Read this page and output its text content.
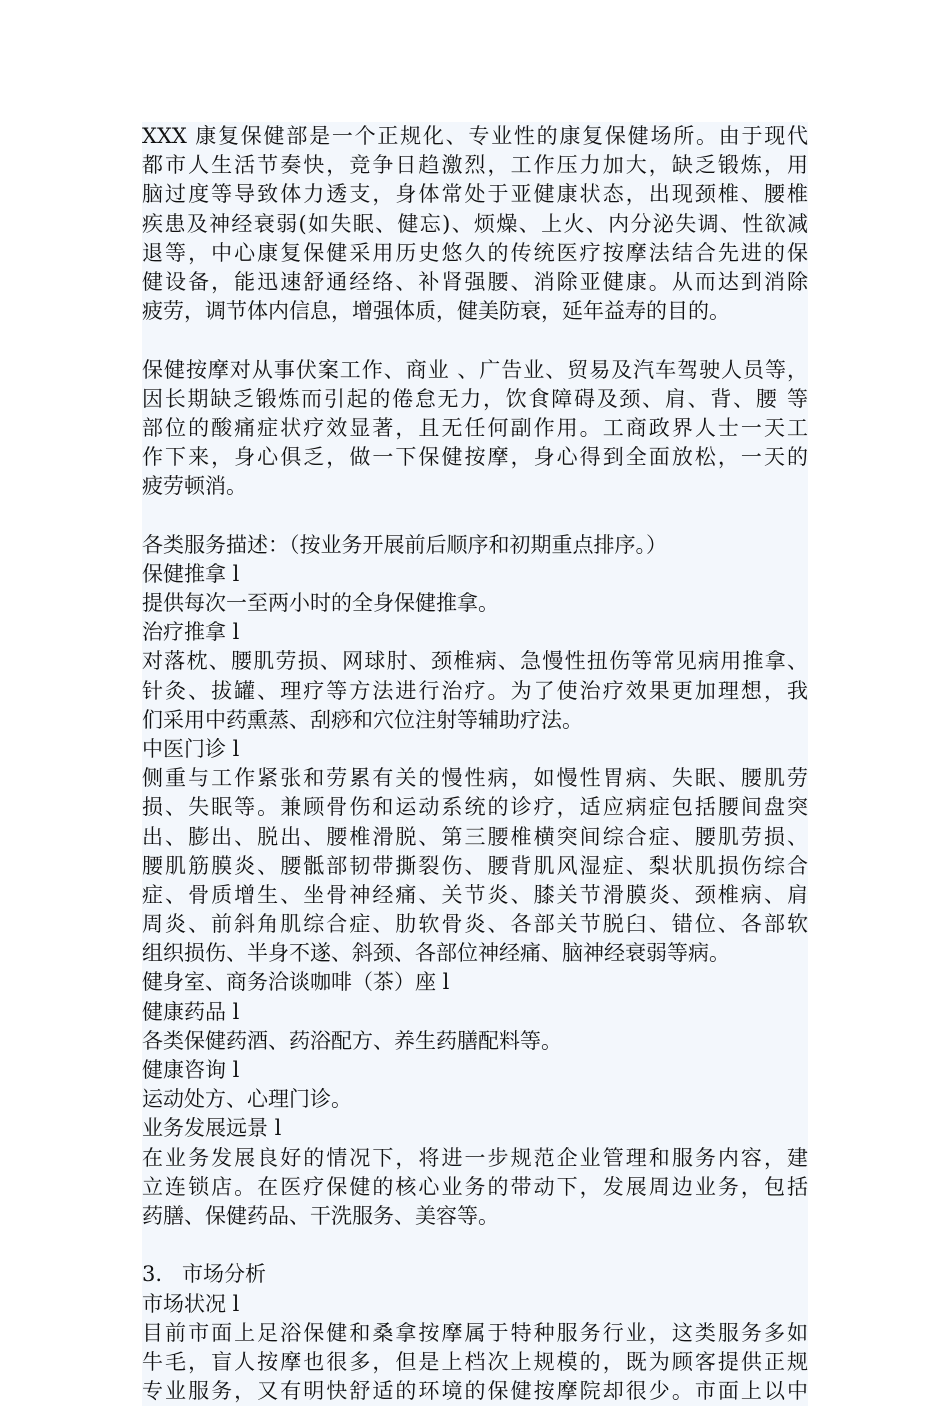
XXX 康复保健部是一个正规化、专业性的康复保健场所。由于现代
都市人生活节奏快，竞争日趋激烈，工作压力加大，缺乏锻炼，用
脑过度等导致体力透支，身体常处于亚健康状态，出现颈椎、腰椎
疾患及神经衰弱(如失眠、健忘)、烦燥、上火、内分泌失调、性欲减
退等，中心康复保健采用历史悠久的传统医疗按摩法结合先进的保
健设备，能迅速舒通经络、补肾强腰、消除亚健康。从而达到消除
疲劳，调节体内信息，增强体质，健美防衰，延年益寿的目的。
保健按摩对从事伏案工作、商业 、广告业、贸易及汽车驾驶人员等，
因长期缺乏锻炼而引起的倦怠无力，饮食障碍及颈、肩、背、腰 等
部位的酸痛症状疗效显著，且无任何副作用。工商政界人士一天工
作下来，身心俱乏，做一下保健按摩，身心得到全面放松，一天的
疲劳顿消。
各类服务描述：（按业务开展前后顺序和初期重点排序。）
保健推拿 l
提供每次一至两小时的全身保健推拿。
治疗推拿 l
对落枕、腰肌劳损、网球肘、颈椎病、急慢性扭伤等常见病用推拿、
针灸、拔罐、理疗等方法进行治疗。为了使治疗效果更加理想，我
们采用中药熏蒸、刮痧和穴位注射等辅助疗法。
中医门诊 l
侧重与工作紧张和劳累有关的慢性病，如慢性胃病、失眠、腰肌劳
损、失眠等。兼顾骨伤和运动系统的诊疗，适应病症包括腰间盘突
出、膨出、脱出、腰椎滑脱、第三腰椎横突间综合症、腰肌劳损、
腰肌筋膜炎、腰骶部韧带撕裂伤、腰背肌风湿症、梨状肌损伤综合
症、骨质增生、坐骨神经痛、关节炎、膝关节滑膜炎、颈椎病、肩
周炎、前斜角肌综合症、肋软骨炎、各部关节脱臼、错位、各部软
组织损伤、半身不遂、斜颈、各部位神经痛、脑神经衰弱等病。
健身室、商务洽谈咖啡（茶）座 l
健康药品 l
各类保健药酒、药浴配方、养生药膳配料等。
健康咨询 l
运动处方、心理门诊。
业务发展远景 l
在业务发展良好的情况下，将进一步规范企业管理和服务内容，建
立连锁店。在医疗保健的核心业务的带动下，发展周边业务，包括
药膳、保健药品、干洗服务、美容等。
3.   市场分析
市场状况 l
目前市面上足浴保健和桑拿按摩属于特种服务行业，这类服务多如
牛毛，盲人按摩也很多，但是上档次上规模的，既为顾客提供正规
专业服务，又有明快舒适的环境的保健按摩院却很少。市面上以中
